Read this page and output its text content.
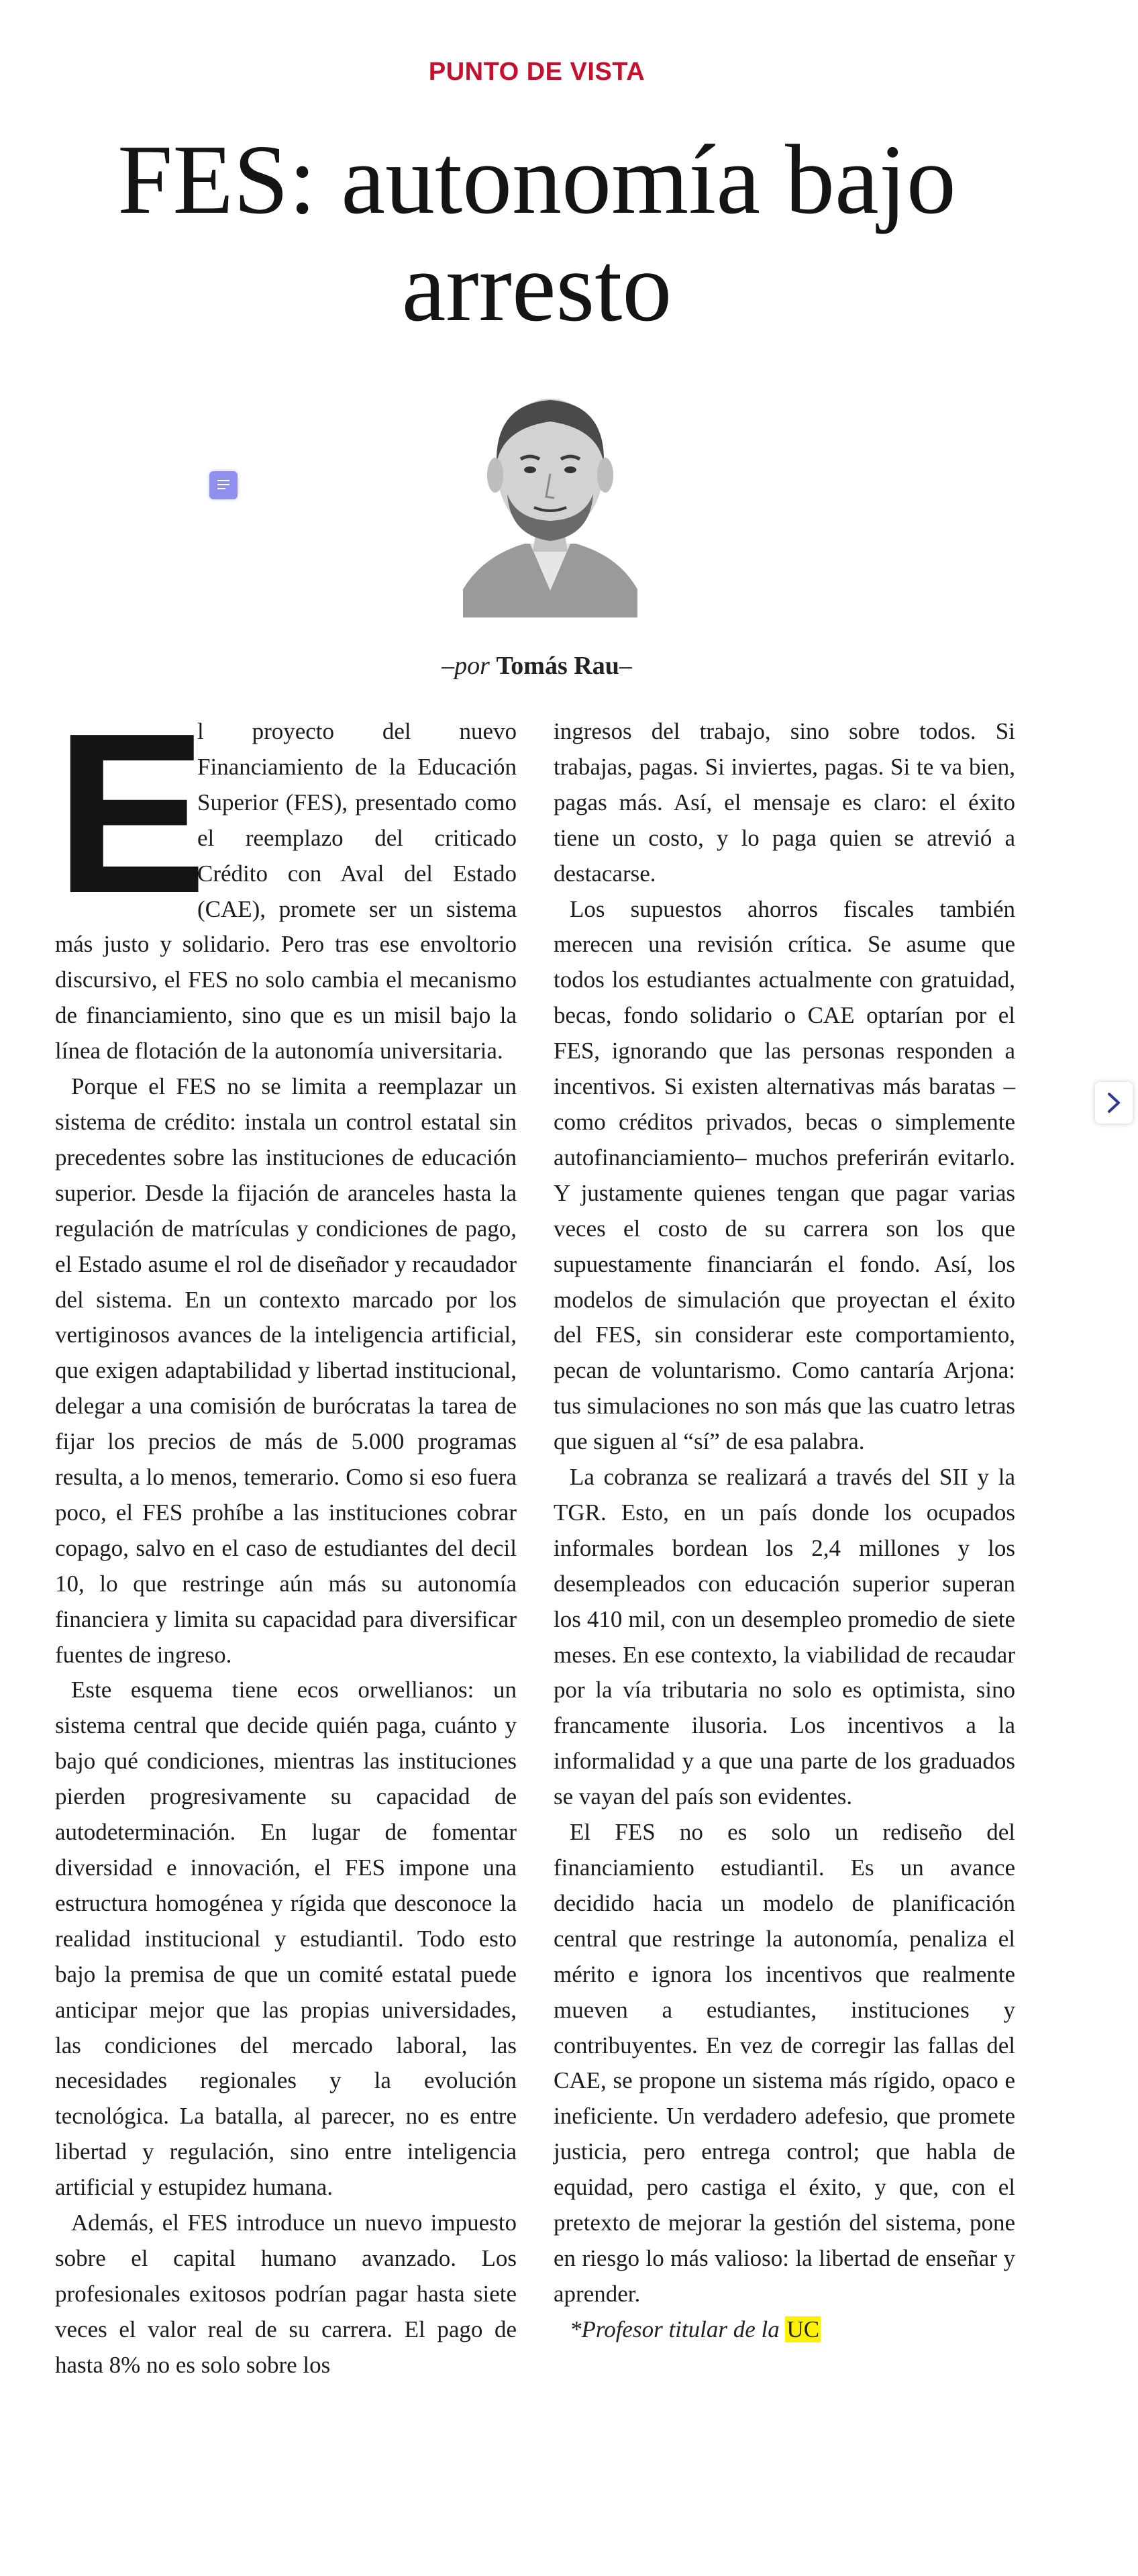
PUNTO DE VISTA
FES: autonomía bajo arresto
–por Tomás Rau–

E
l proyecto del nuevo Financiamiento de la Educación Superior (FES), presentado como el reemplazo del criticado Crédito con Aval del Estado (CAE), promete ser un sistema más justo y solidario. Pero tras ese envoltorio discursivo, el FES no solo cambia el mecanismo de financiamiento, sino que es un misil bajo la línea de flotación de la autonomía universitaria.

Porque el FES no se limita a reemplazar un sistema de crédito: instala un control estatal sin precedentes sobre las instituciones de educación superior. Desde la fijación de aranceles hasta la regulación de matrículas y condiciones de pago, el Estado asume el rol de diseñador y recaudador del sistema. En un contexto marcado por los vertiginosos avances de la inteligencia artificial, que exigen adaptabilidad y libertad institucional, delegar a una comisión de burócratas la tarea de fijar los precios de más de 5.000 programas resulta, a lo menos, temerario. Como si eso fuera poco, el FES prohíbe a las instituciones cobrar copago, salvo en el caso de estudiantes del decil 10, lo que restringe aún más su autonomía financiera y limita su capacidad para diversificar fuentes de ingreso.

Este esquema tiene ecos orwellianos: un sistema central que decide quién paga, cuánto y bajo qué condiciones, mientras las instituciones pierden progresivamente su capacidad de autodeterminación. En lugar de fomentar diversidad e innovación, el FES impone una estructura homogénea y rígida que desconoce la realidad institucional y estudiantil. Todo esto bajo la premisa de que un comité estatal puede anticipar mejor que las propias universidades, las condiciones del mercado laboral, las necesidades regionales y la evolución tecnológica. La batalla, al parecer, no es entre libertad y regulación, sino entre inteligencia artificial y estupidez humana.

Además, el FES introduce un nuevo impuesto sobre el capital humano avanzado. Los profesionales exitosos podrían pagar hasta siete veces el valor real de su carrera. El pago de hasta 8% no es solo sobre los

ingresos del trabajo, sino sobre todos. Si trabajas, pagas. Si inviertes, pagas. Si te va bien, pagas más. Así, el mensaje es claro: el éxito tiene un costo, y lo paga quien se atrevió a destacarse.

Los supuestos ahorros fiscales también merecen una revisión crítica. Se asume que todos los estudiantes actualmente con gratuidad, becas, fondo solidario o CAE optarían por el FES, ignorando que las personas responden a incentivos. Si existen alternativas más baratas –como créditos privados, becas o simplemente autofinanciamiento– muchos preferirán evitarlo. Y justamente quienes tengan que pagar varias veces el costo de su carrera son los que supuestamente financiarán el fondo. Así, los modelos de simulación que proyectan el éxito del FES, sin considerar este comportamiento, pecan de voluntarismo. Como cantaría Arjona: tus simulaciones no son más que las cuatro letras que siguen al “sí” de esa palabra.

La cobranza se realizará a través del SII y la TGR. Esto, en un país donde los ocupados informales bordean los 2,4 millones y los desempleados con educación superior superan los 410 mil, con un desempleo promedio de siete meses. En ese contexto, la viabilidad de recaudar por la vía tributaria no solo es optimista, sino francamente ilusoria. Los incentivos a la informalidad y a que una parte de los graduados se vayan del país son evidentes.

El FES no es solo un rediseño del financiamiento estudiantil. Es un avance decidido hacia un modelo de planificación central que restringe la autonomía, penaliza el mérito e ignora los incentivos que realmente mueven a estudiantes, instituciones y contribuyentes. En vez de corregir las fallas del CAE, se propone un sistema más rígido, opaco e ineficiente. Un verdadero adefesio, que promete justicia, pero entrega control; que habla de equidad, pero castiga el éxito, y que, con el pretexto de mejorar la gestión del sistema, pone en riesgo lo más valioso: la libertad de enseñar y aprender.

*Profesor titular de la UC
